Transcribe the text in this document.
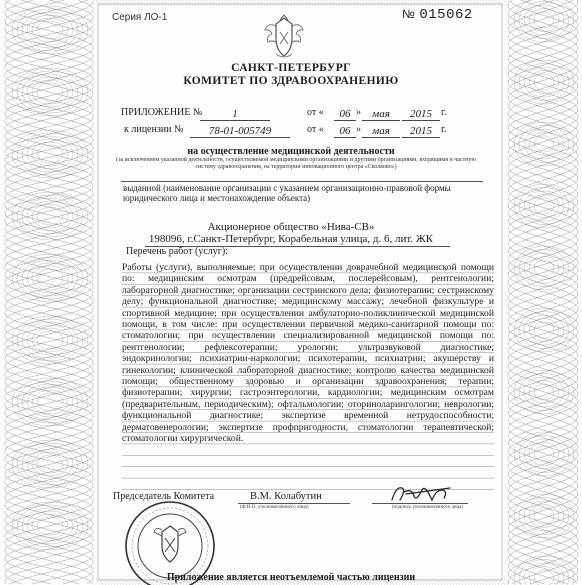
Серия ЛО-1	№ 015062
САНКТ-ПЕТЕРБУРГ
КОМИТЕТ ПО ЗДРАВООХРАНЕНИЮ
ПРИЛОЖЕНИЕ №	1	от «	06 »	мая	2015 г.
к лицензии №	78-01-005749	от «	06 »	мая	2015 г.
на осуществление медицинской деятельности
(за исключением указанной деятельности, осуществляемой медицинскими организациями и другими организациями, входящими в частную систему здравоохранения, на территории инновационного центра «Сколково»)
выданной (наименование организации с указанием организационно-правовой формы юридического лица и местонахождение объекта)
Акционерное общество «Нива-СВ»
198096, г.Санкт-Петербург, Корабельная улица, д. 6, лит. ЖК
Перечень работ (услуг):
Работы (услуги), выполняемые: при осуществлении доврачебной медицинской помощи по: медицинским осмотрам (предрейсовым, послерейсовым), рентгенологии; лабораторной диагностике; организации сестринского дела; физиотерапии; сестринскому делу; функциональной диагностике; медицинскому массажу; лечебной физкультуре и спортивной медицине; при осуществлении амбулаторно-поликлинической медицинской помощи, в том числе: при осуществлении первичной медико-санитарной помощи по: стоматологии; при осуществлении специализированной медицинской помощи по: рентгенологии; рефлексотерапии; урологии; ультразвуковой диагностике; эндокринологии; психиатрии-наркологии; психотерапии, психиатрии; акушерству и гинекологии; клинической лабораторной диагностике; контролю качества медицинской помощи; общественному здоровью и организации здравоохранения; терапии; физиотерапии; хирургии; гастроэнтерологии, кардиологии; медицинским осмотрам (предварительным, периодическим); офтальмологии; оториноларингологии; неврологии; функциональной диагностике; экспертизе временной нетрудоспособности; дерматовенерологии; экспертизе профпригодности, стоматологии терапевтической; стоматологии хирургической.
Председатель Комитета	В.М. Колабутин
(Ф.И.О. уполномоченного лица)	(подпись уполномоченного лица)
Приложение является неотъемлемой частью лицензии
